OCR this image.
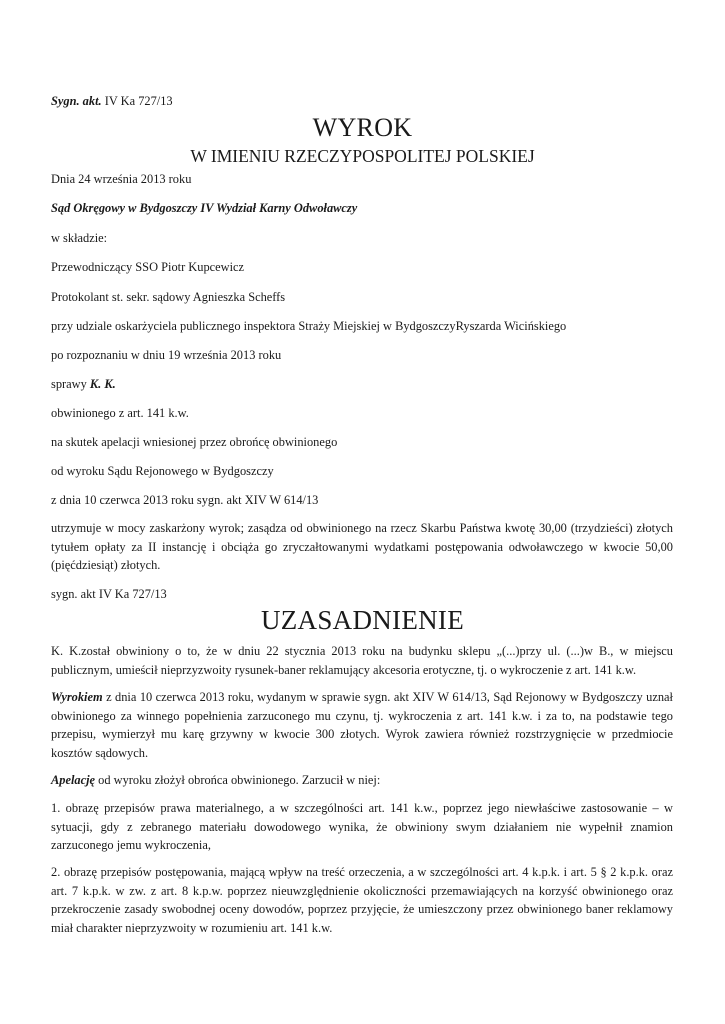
Sygn. akt. IV Ka 727/13

WYROK

W IMIENIU RZECZYPOSPOLITEJ POLSKIEJ

Dnia 24 września 2013 roku

Sąd Okręgowy w Bydgoszczy IV Wydział Karny Odwoławczy

w składzie:

Przewodniczący SSO Piotr Kupcewicz

Protokolant st. sekr. sądowy Agnieszka Scheffs

przy udziale oskarżyciela publicznego inspektora Straży Miejskiej w BydgoszczyRyszarda Wicińskiego

po rozpoznaniu w dniu 19 września 2013 roku

sprawy K. K.

obwinionego z art. 141 k.w.

na skutek apelacji wniesionej przez obrońcę obwinionego

od wyroku Sądu Rejonowego w Bydgoszczy

z dnia 10 czerwca 2013 roku sygn. akt XIV W 614/13

utrzymuje w mocy zaskarżony wyrok; zasądza od obwinionego na rzecz Skarbu Państwa kwotę 30,00 (trzydzieści) złotych tytułem opłaty za II instancję i obciąża go zryczałtowanymi wydatkami postępowania odwoławczego w kwocie 50,00 (pięćdziesiąt) złotych.

sygn. akt IV Ka 727/13

UZASADNIENIE

K. K.został obwiniony o to, że w dniu 22 stycznia 2013 roku na budynku sklepu „(...)przy ul. (...)w B., w miejscu publicznym, umieścił nieprzyzwoity rysunek-baner reklamujący akcesoria erotyczne, tj. o wykroczenie z art. 141 k.w.

Wyrokiem z dnia 10 czerwca 2013 roku, wydanym w sprawie sygn. akt XIV W 614/13, Sąd Rejonowy w Bydgoszczy uznał obwinionego za winnego popełnienia zarzuconego mu czynu, tj. wykroczenia z art. 141 k.w. i za to, na podstawie tego przepisu, wymierzył mu karę grzywny w kwocie 300 złotych. Wyrok zawiera również rozstrzygnięcie w przedmiocie kosztów sądowych.

Apelację od wyroku złożył obrońca obwinionego. Zarzucił w niej:

1. obrazę przepisów prawa materialnego, a w szczególności art. 141 k.w., poprzez jego niewłaściwe zastosowanie – w sytuacji, gdy z zebranego materiału dowodowego wynika, że obwiniony swym działaniem nie wypełnił znamion zarzuconego jemu wykroczenia,

2. obrazę przepisów postępowania, mającą wpływ na treść orzeczenia, a w szczególności art. 4 k.p.k. i art. 5 § 2 k.p.k. oraz art. 7 k.p.k. w zw. z art. 8 k.p.w. poprzez nieuwzględnienie okoliczności przemawiających na korzyść obwinionego oraz przekroczenie zasady swobodnej oceny dowodów, poprzez przyjęcie, że umieszczony przez obwinionego baner reklamowy miał charakter nieprzyzwoity w rozumieniu art. 141 k.w.
